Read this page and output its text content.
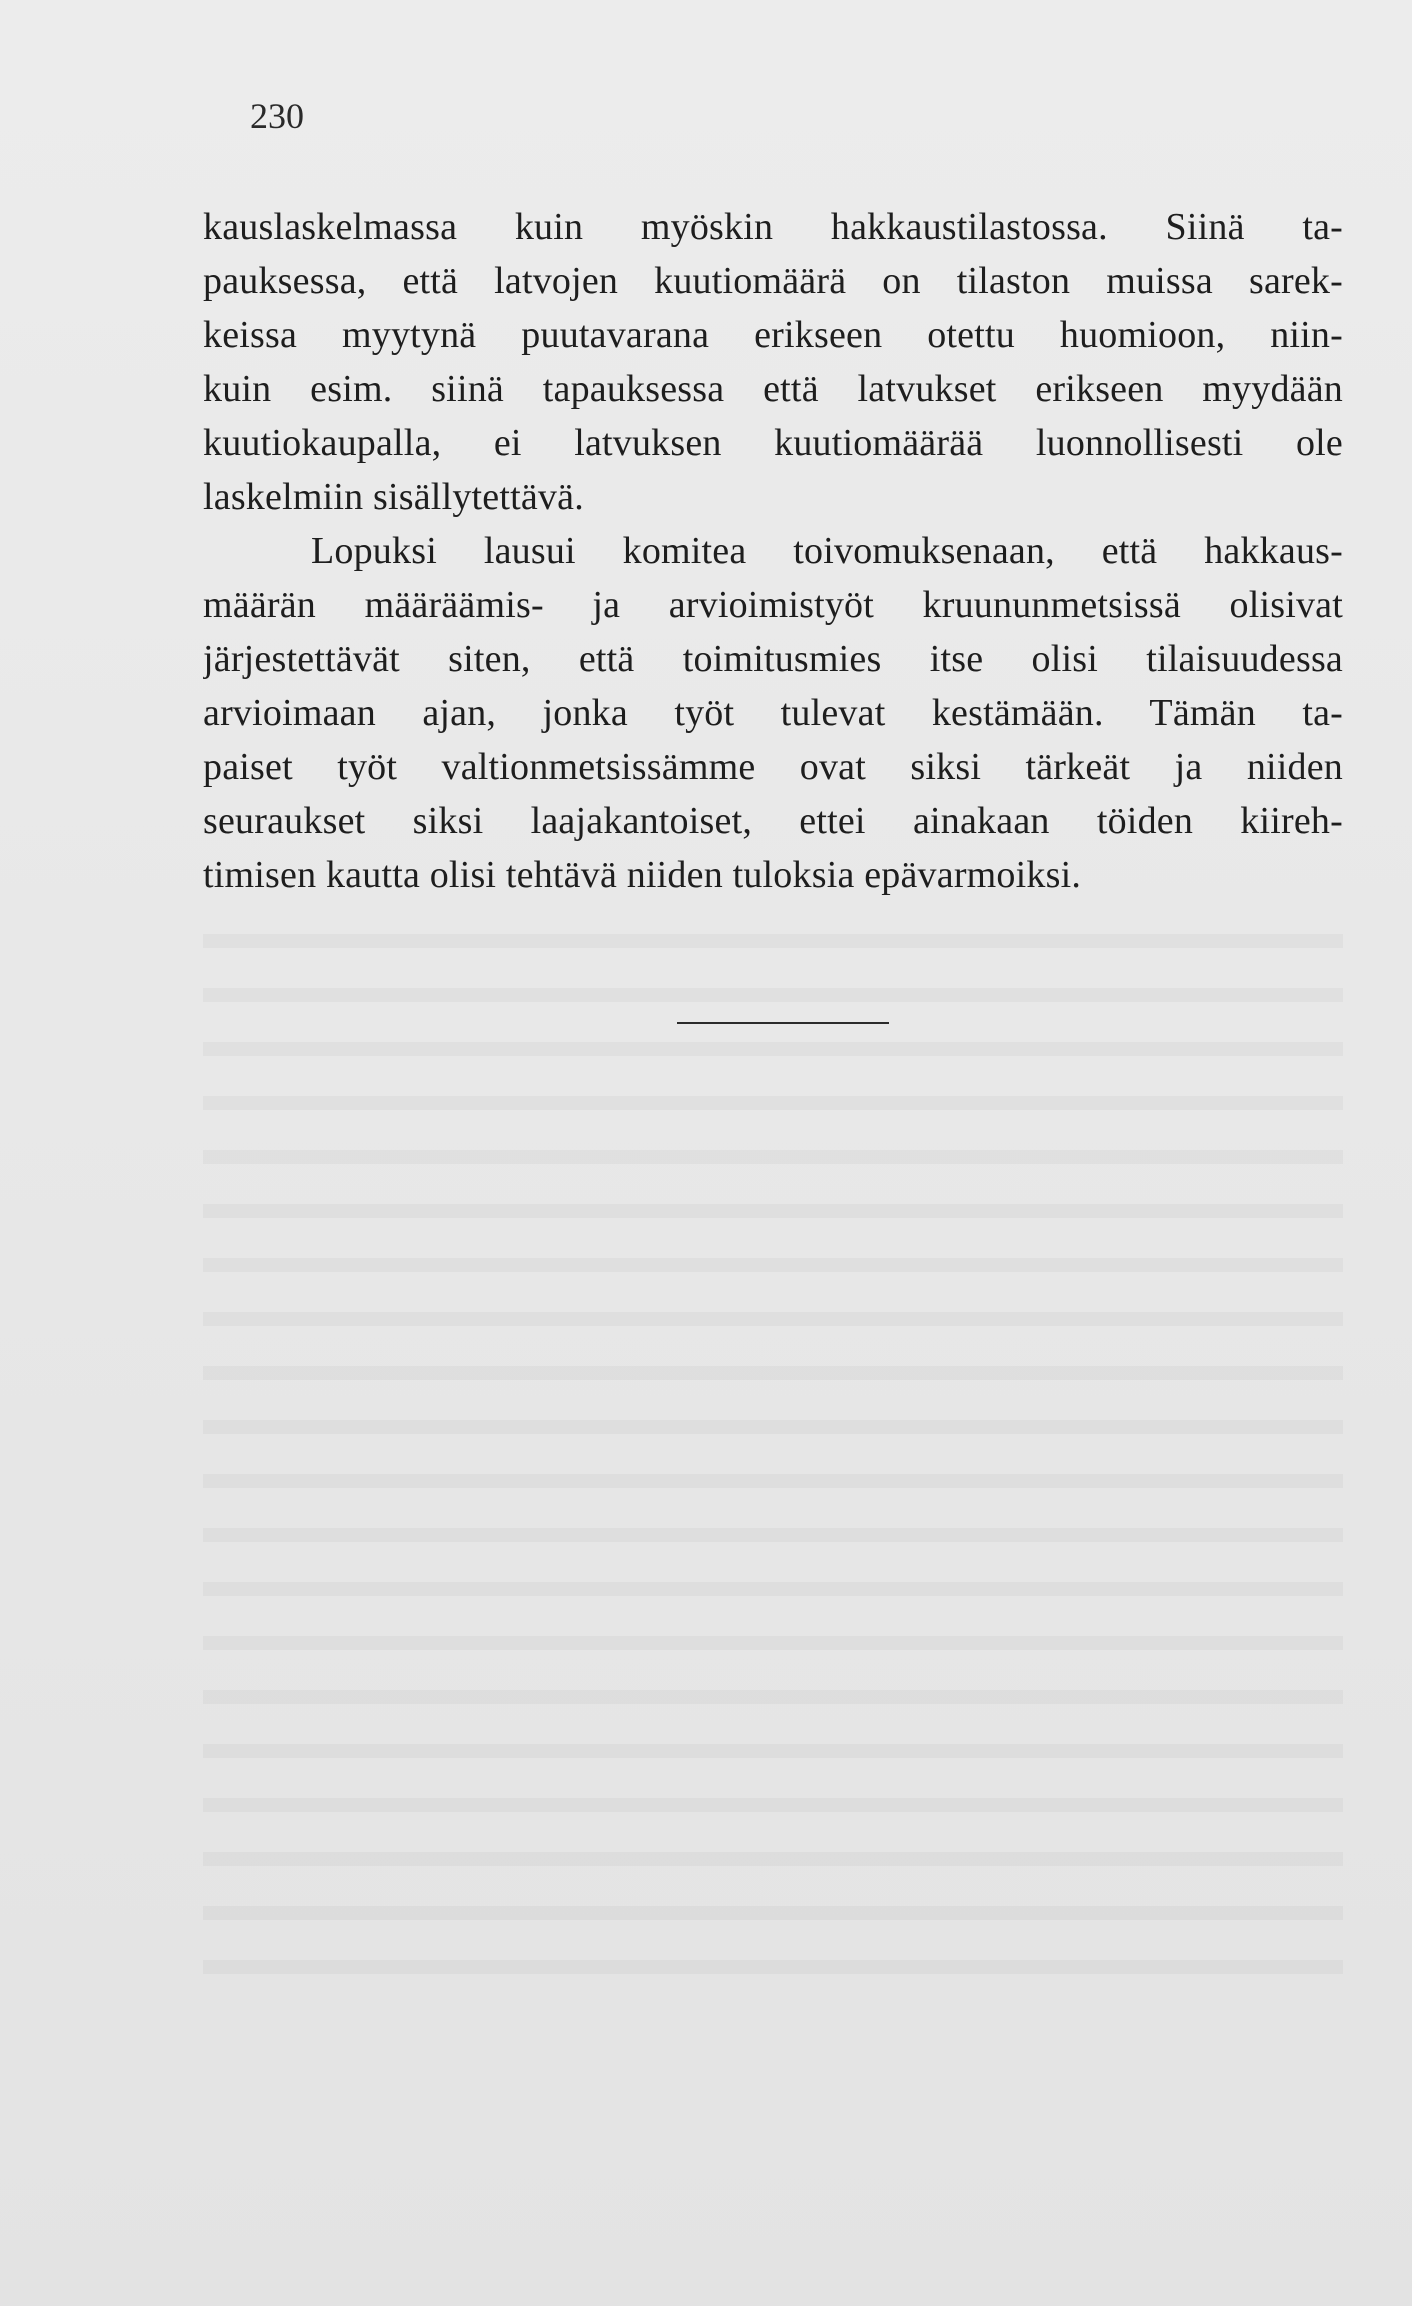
230

kauslaskelmassa kuin myöskin hakkaustilastossa. Siinä ta-
pauksessa, että latvojen kuutiomäärä on tilaston muissa sarek-
keissa myytynä puutavarana erikseen otettu huomioon, niin-
kuin esim. siinä tapauksessa että latvukset erikseen myydään
kuutiokaupalla, ei latvuksen kuutiomäärää luonnollisesti ole
laskelmiin sisällytettävä.
Lopuksi lausui komitea toivomuksenaan, että hakkaus-
määrän määräämis- ja arvioimistyöt kruununmetsissä olisivat
järjestettävät siten, että toimitusmies itse olisi tilaisuudessa
arvioimaan ajan, jonka työt tulevat kestämään. Tämän ta-
paiset työt valtionmetsissämme ovat siksi tärkeät ja niiden
seuraukset siksi laajakantoiset, ettei ainakaan töiden kiireh-
timisen kautta olisi tehtävä niiden tuloksia epävarmoiksi.
